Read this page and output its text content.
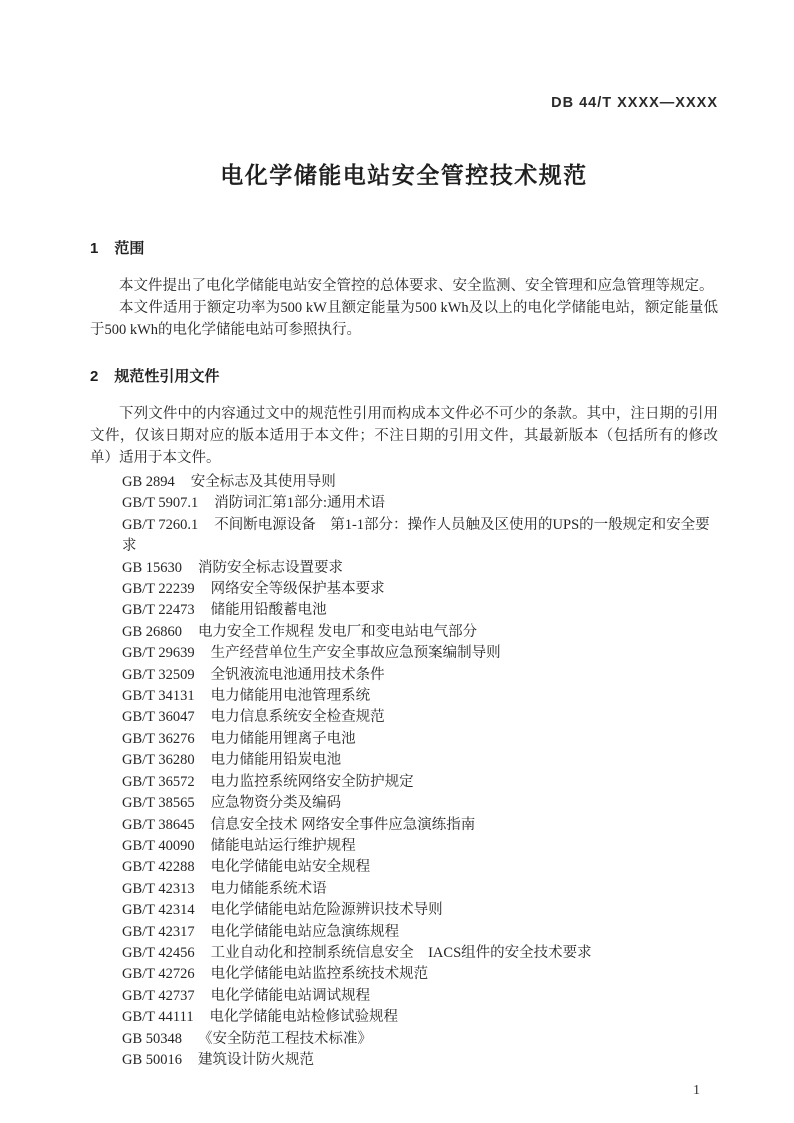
DB 44/T XXXX—XXXX
电化学储能电站安全管控技术规范
1 范围

本文件提出了电化学储能电站安全管控的总体要求、安全监测、安全管理和应急管理等规定。

本文件适用于额定功率为500 kW且额定能量为500 kWh及以上的电化学储能电站，额定能量低于500 kWh的电化学储能电站可参照执行。

2 规范性引用文件

下列文件中的内容通过文中的规范性引用而构成本文件必不可少的条款。其中，注日期的引用文件，仅该日期对应的版本适用于本文件；不注日期的引用文件，其最新版本（包括所有的修改单）适用于本文件。

GB 2894 安全标志及其使用导则
GB/T 5907.1 消防词汇第1部分:通用术语
GB/T 7260.1 不间断电源设备　第1-1部分：操作人员触及区使用的UPS的一般规定和安全要求
GB 15630 消防安全标志设置要求
GB/T 22239 网络安全等级保护基本要求
GB/T 22473 储能用铅酸蓄电池
GB 26860 电力安全工作规程 发电厂和变电站电气部分
GB/T 29639 生产经营单位生产安全事故应急预案编制导则
GB/T 32509 全钒液流电池通用技术条件
GB/T 34131 电力储能用电池管理系统
GB/T 36047 电力信息系统安全检查规范
GB/T 36276 电力储能用锂离子电池
GB/T 36280 电力储能用铅炭电池
GB/T 36572 电力监控系统网络安全防护规定
GB/T 38565 应急物资分类及编码
GB/T 38645 信息安全技术 网络安全事件应急演练指南
GB/T 40090 储能电站运行维护规程
GB/T 42288 电化学储能电站安全规程
GB/T 42313 电力储能系统术语
GB/T 42314 电化学储能电站危险源辨识技术导则
GB/T 42317 电化学储能电站应急演练规程
GB/T 42456 工业自动化和控制系统信息安全　IACS组件的安全技术要求
GB/T 42726 电化学储能电站监控系统技术规范
GB/T 42737 电化学储能电站调试规程
GB/T 44111 电化学储能电站检修试验规程
GB 50348 《安全防范工程技术标准》
GB 50016 建筑设计防火规范
1
